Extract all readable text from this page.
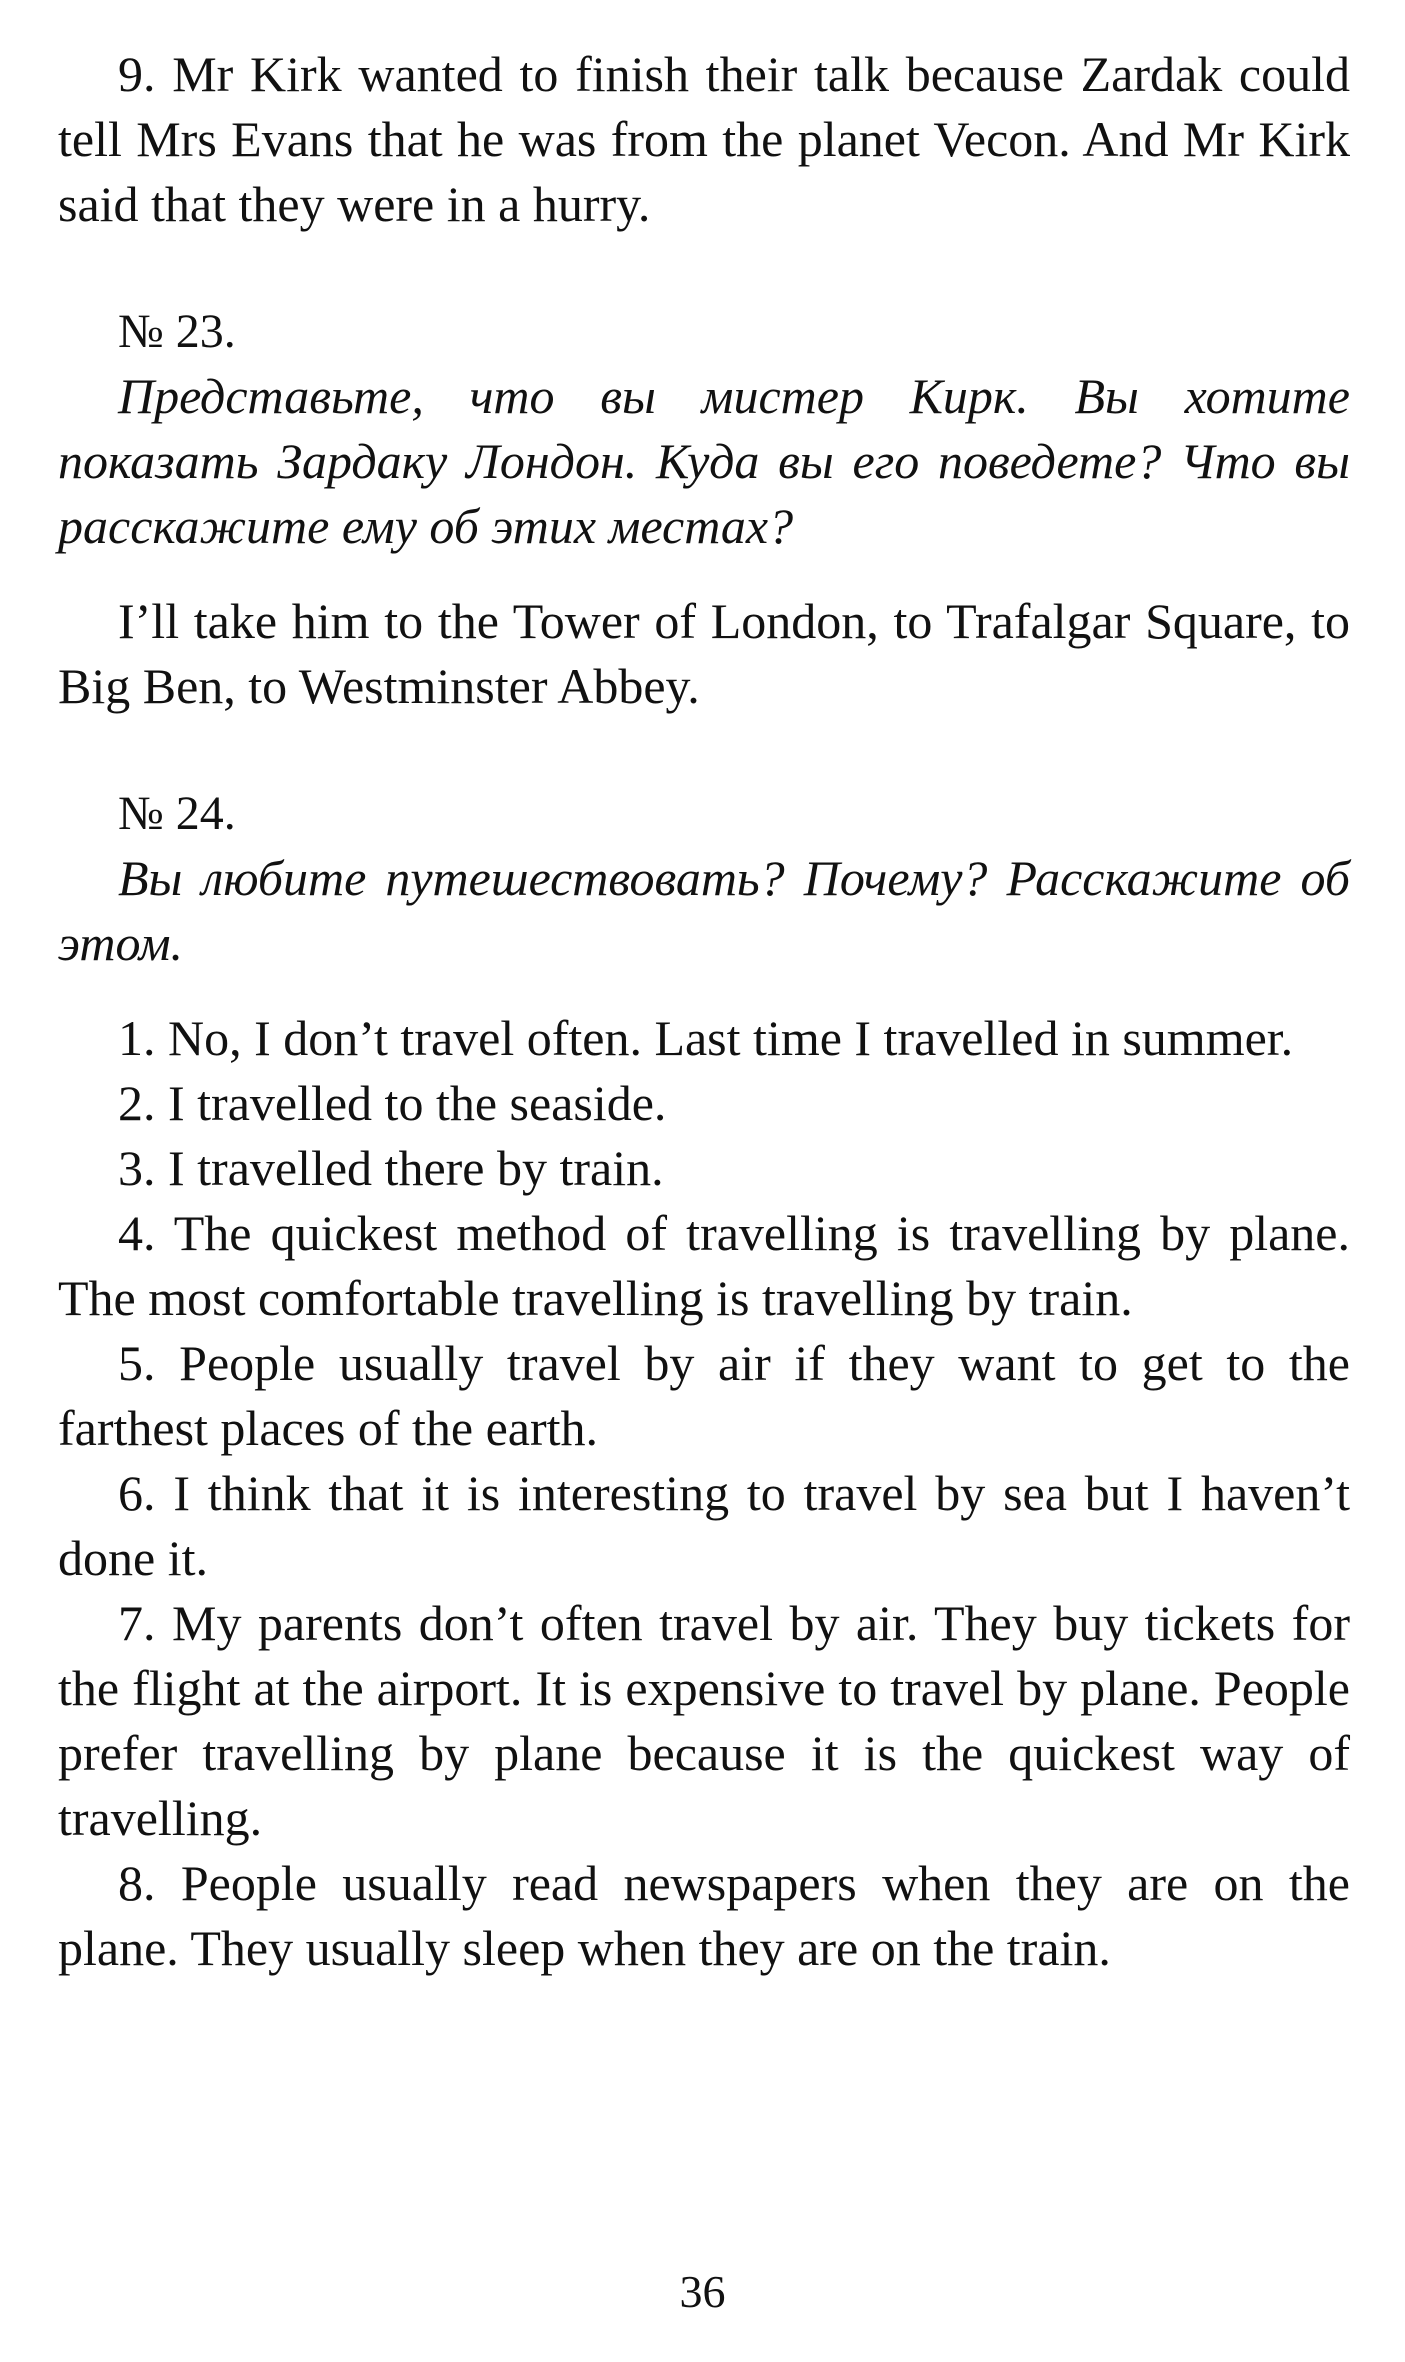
9. Mr Kirk wanted to finish their talk because Zardak could tell Mrs Evans that he was from the planet Vecon. And Mr Kirk said that they were in a hurry.

№ 23.

Представьте, что вы мистер Кирк. Вы хотите показать Зардаку Лондон. Куда вы его поведете? Что вы расскажите ему об этих местах?

I’ll take him to the Tower of London, to Trafalgar Square, to Big Ben, to Westminster Abbey.

№ 24.

Вы любите путешествовать? Почему? Расскажите об этом.

1. No, I don’t travel often. Last time I travelled in summer.

2. I travelled to the seaside.

3. I travelled there by train.

4. The quickest method of travelling is travelling by plane. The most comfortable travelling is travelling by train.

5. People usually travel by air if they want to get to the farthest places of the earth.

6. I think that it is interesting to travel by sea but I haven’t done it.

7. My parents don’t often travel by air. They buy tickets for the flight at the airport. It is expensive to travel by plane. People prefer travelling by plane because it is the quickest way of travelling.

8. People usually read newspapers when they are on the plane. They usually sleep when they are on the train.

36
